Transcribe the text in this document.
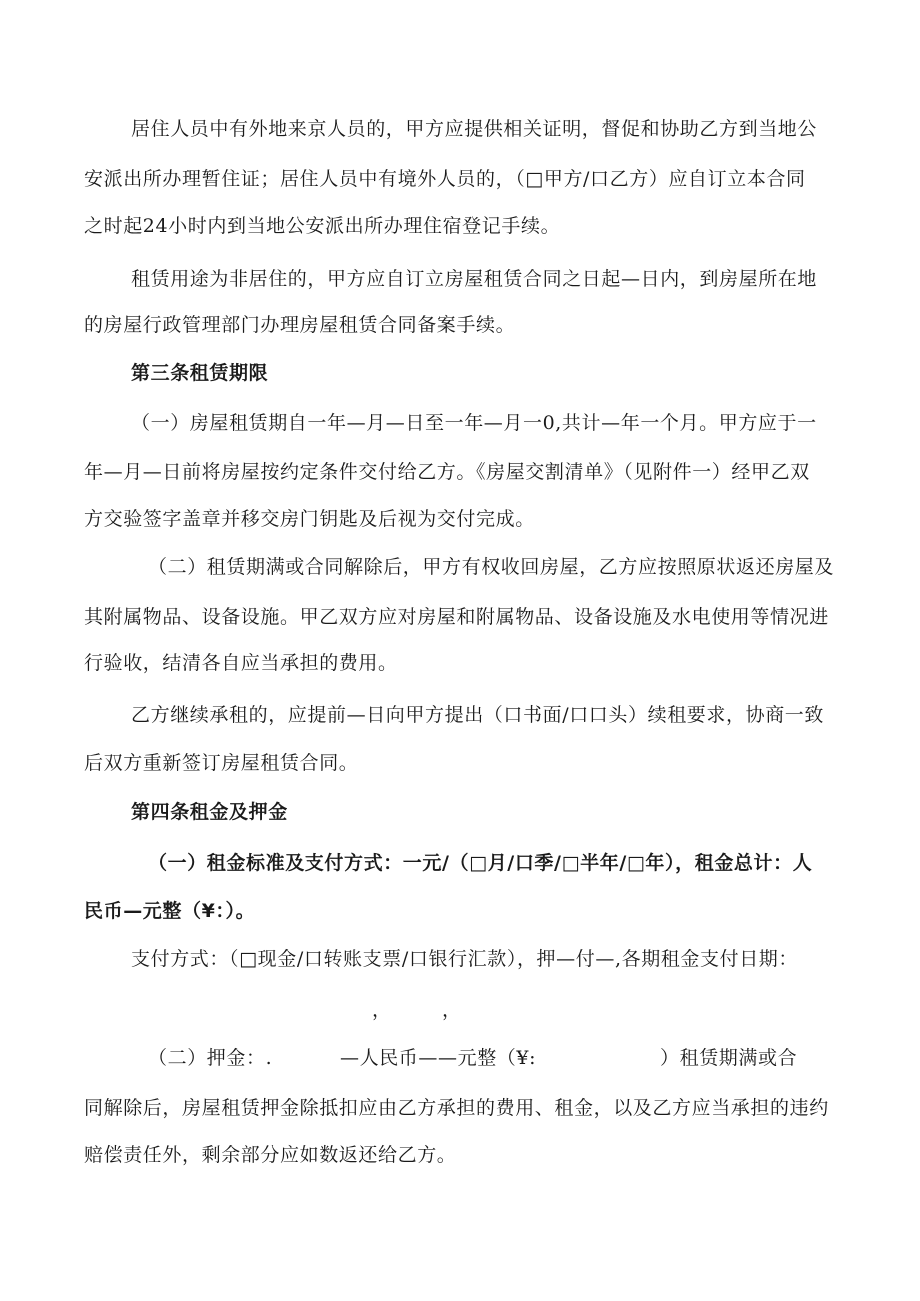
居住人员中有外地来京人员的，甲方应提供相关证明，督促和协助乙方到当地公
安派出所办理暂住证；居住人员中有境外人员的，（□甲方/口乙方）应自订立本合同
之时起24小时内到当地公安派出所办理住宿登记手续。
租赁用途为非居住的，甲方应自订立房屋租赁合同之日起—日内，到房屋所在地
的房屋行政管理部门办理房屋租赁合同备案手续。
第三条租赁期限
（一）房屋租赁期自一年—月—日至一年—月一0,共计—年一个月。甲方应于一
年—月—日前将房屋按约定条件交付给乙方。《房屋交割清单》（见附件一）经甲乙双
方交验签字盖章并移交房门钥匙及后视为交付完成。
（二）租赁期满或合同解除后，甲方有权收回房屋，乙方应按照原状返还房屋及
其附属物品、设备设施。甲乙双方应对房屋和附属物品、设备设施及水电使用等情况进
行验收，结清各自应当承担的费用。
乙方继续承租的，应提前—日向甲方提出（口书面/口口头）续租要求，协商一致
后双方重新签订房屋租赁合同。
第四条租金及押金
（一）租金标准及支付方式：一元/（□月/口季/□半年/□年），租金总计：人
民币—元整（¥：）。
支付方式：（□现金/口转账支票/口银行汇款），押—付—,各期租金支付日期：
，	，
（二）押金：.	—人民币——元整（¥:	）租赁期满或合
同解除后，房屋租赁押金除抵扣应由乙方承担的费用、租金，以及乙方应当承担的违约
赔偿责任外，剩余部分应如数返还给乙方。
